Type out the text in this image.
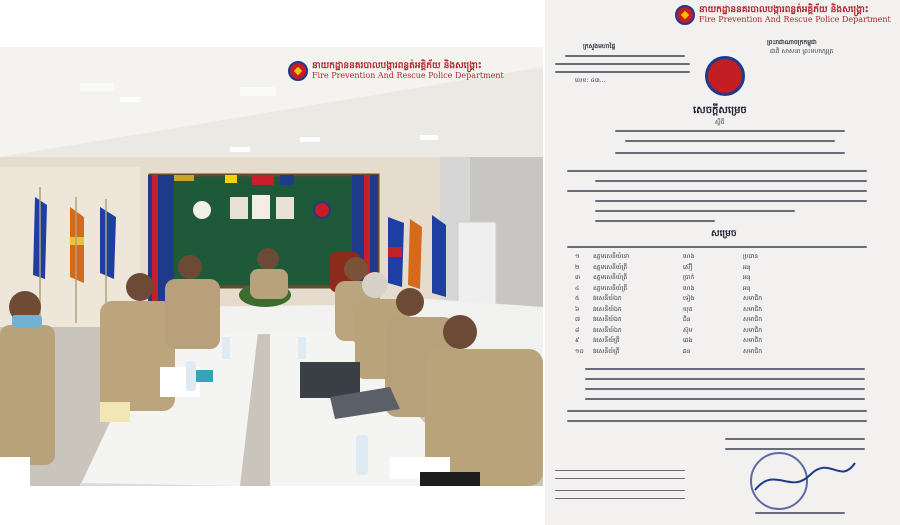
នាយកដ្ឋាននគរបាលបង្ការពន្លត់អគ្គិភ័យ និងសង្គ្រោះ
Fire Prevention And Rescue Police Department
នាយកដ្ឋាននគរបាលបង្ការពន្លត់អគ្គិភ័យ និងសង្គ្រោះ
Fire Prevention And Rescue Police Department
ព្រះរាជាណាចក្រកម្ពុជា
ជាតិ សាសនា ព្រះមហាក្សត្រ
ក្រសួងមហាផ្ទៃ
លេខ: ៤៣...
សេចក្តីសម្រេច
ស្តីពី
សម្រេច
១	ឧត្តមសេនីយ៍ទោ	ហេង	ប្រធាន
២	ឧត្តមសេនីយ៍ត្រី	ស៊ឿ	អនុ
៣	ឧត្តមសេនីយ៍ត្រី	ប្រាក់	អនុ
៤	ឧត្តមសេនីយ៍ត្រី	ហេង	អនុ
៥	វរសេនីយ៍ឯក	ទៀង	សមាជិក
៦	វរសេនីយ៍ឯក	ឃុត	សមាជិក
៧	វរសេនីយ៍ឯក	ជិន	សមាជិក
៨	វរសេនីយ៍ឯក	ស៊ុម	សមាជិក
៩	វរសេនីយ៍ត្រី	ឆេង	សមាជិក
១០	វរសេនីយ៍ត្រី	ឆន	សមាជិក
